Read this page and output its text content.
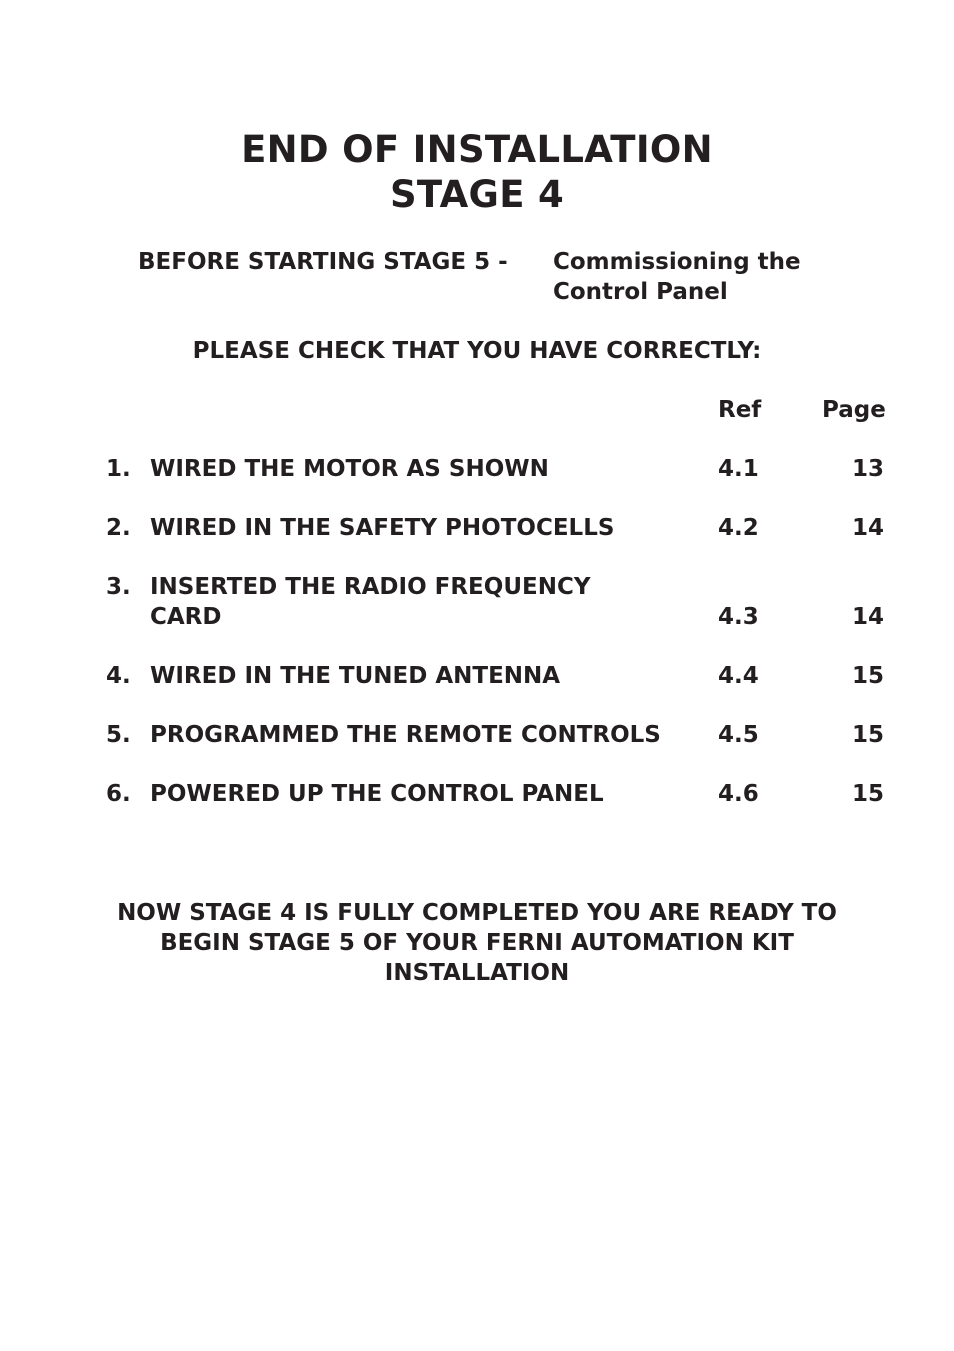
END OF INSTALLATION
STAGE 4
BEFORE STARTING STAGE 5 - Commissioning the
Control Panel
PLEASE CHECK THAT YOU HAVE CORRECTLY:
Ref	Page
1. WIRED THE MOTOR AS SHOWN	4.1	13
2. WIRED IN THE SAFETY PHOTOCELLS	4.2	14
3. INSERTED THE RADIO FREQUENCY
CARD	4.3	14
4. WIRED IN THE TUNED ANTENNA	4.4	15
5. PROGRAMMED THE REMOTE CONTROLS 4.5	15
6. POWERED UP THE CONTROL PANEL	4.6	15
NOW STAGE 4 IS FULLY COMPLETED YOU ARE READY TO
BEGIN STAGE 5 OF YOUR FERNI AUTOMATION KIT
INSTALLATION
